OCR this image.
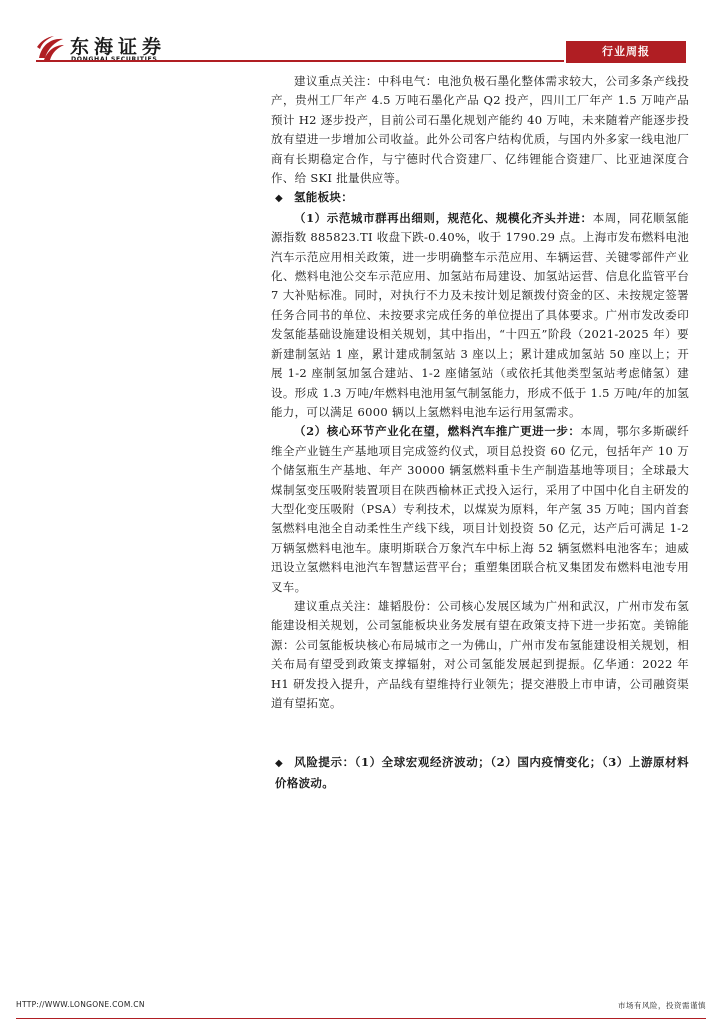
东海证券	行业周报

建议重点关注：中科电气：电池负极石墨化整体需求较大，公司多条产线投产，贵州工厂年产 4.5 万吨石墨化产品 Q2 投产，四川工厂年产 1.5 万吨产品预计 H2 逐步投产，目前公司石墨化规划产能约 40 万吨，未来随着产能逐步投放有望进一步增加公司收益。此外公司客户结构优质，与国内外多家一线电池厂商有长期稳定合作，与宁德时代合资建厂、亿纬锂能合资建厂、比亚迪深度合作、给 SKI 批量供应等。

◆ 氢能板块：

（1）示范城市群再出细则，规范化、规模化齐头并进：本周，同花顺氢能源指数 885823.TI 收盘下跌-0.40%，收于 1790.29 点。上海市发布燃料电池汽车示范应用相关政策，进一步明确整车示范应用、车辆运营、关键零部件产业化、燃料电池公交车示范应用、加氢站布局建设、加氢站运营、信息化监管平台 7 大补贴标准。同时，对执行不力及未按计划足额拨付资金的区、未按规定签署任务合同书的单位、未按要求完成任务的单位提出了具体要求。广州市发改委印发氢能基础设施建设相关规划，其中指出，“十四五”阶段（2021-2025 年）要新建制氢站 1 座，累计建成制氢站 3 座以上；累计建成加氢站 50 座以上；开展 1-2 座制氢加氢合建站、1-2 座储氢站（或依托其他类型氢站考虑储氢）建设。形成 1.3 万吨/年燃料电池用氢气制氢能力，形成不低于 1.5 万吨/年的加氢能力，可以满足 6000 辆以上氢燃料电池车运行用氢需求。

（2）核心环节产业化在望，燃料汽车推广更进一步：本周，鄂尔多斯碳纤维全产业链生产基地项目完成签约仪式，项目总投资 60 亿元，包括年产 10 万个储氢瓶生产基地、年产 30000 辆氢燃料重卡生产制造基地等项目；全球最大煤制氢变压吸附装置项目在陕西榆林正式投入运行，采用了中国中化自主研发的大型化变压吸附（PSA）专利技术，以煤炭为原料，年产氢 35 万吨；国内首套氢燃料电池全自动柔性生产线下线，项目计划投资 50 亿元，达产后可满足 1-2 万辆氢燃料电池车。康明斯联合万象汽车中标上海 52 辆氢燃料电池客车；迪威迅设立氢燃料电池汽车智慧运营平台；重塑集团联合杭叉集团发布燃料电池专用叉车。

建议重点关注：雄韬股份：公司核心发展区域为广州和武汉，广州市发布氢能建设相关规划，公司氢能板块业务发展有望在政策支持下进一步拓宽。美锦能源：公司氢能板块核心布局城市之一为佛山，广州市发布氢能建设相关规划，相关布局有望受到政策支撑辐射，对公司氢能发展起到提振。亿华通：2022 年 H1 研发投入提升，产品线有望维持行业领先；提交港股上市申请，公司融资渠道有望拓宽。

◆ 风险提示：（1）全球宏观经济波动；（2）国内疫情变化；（3）上游原材料价格波动。

HTTP://WWW.LONGONE.COM.CN	市场有风险，投资需谨慎
